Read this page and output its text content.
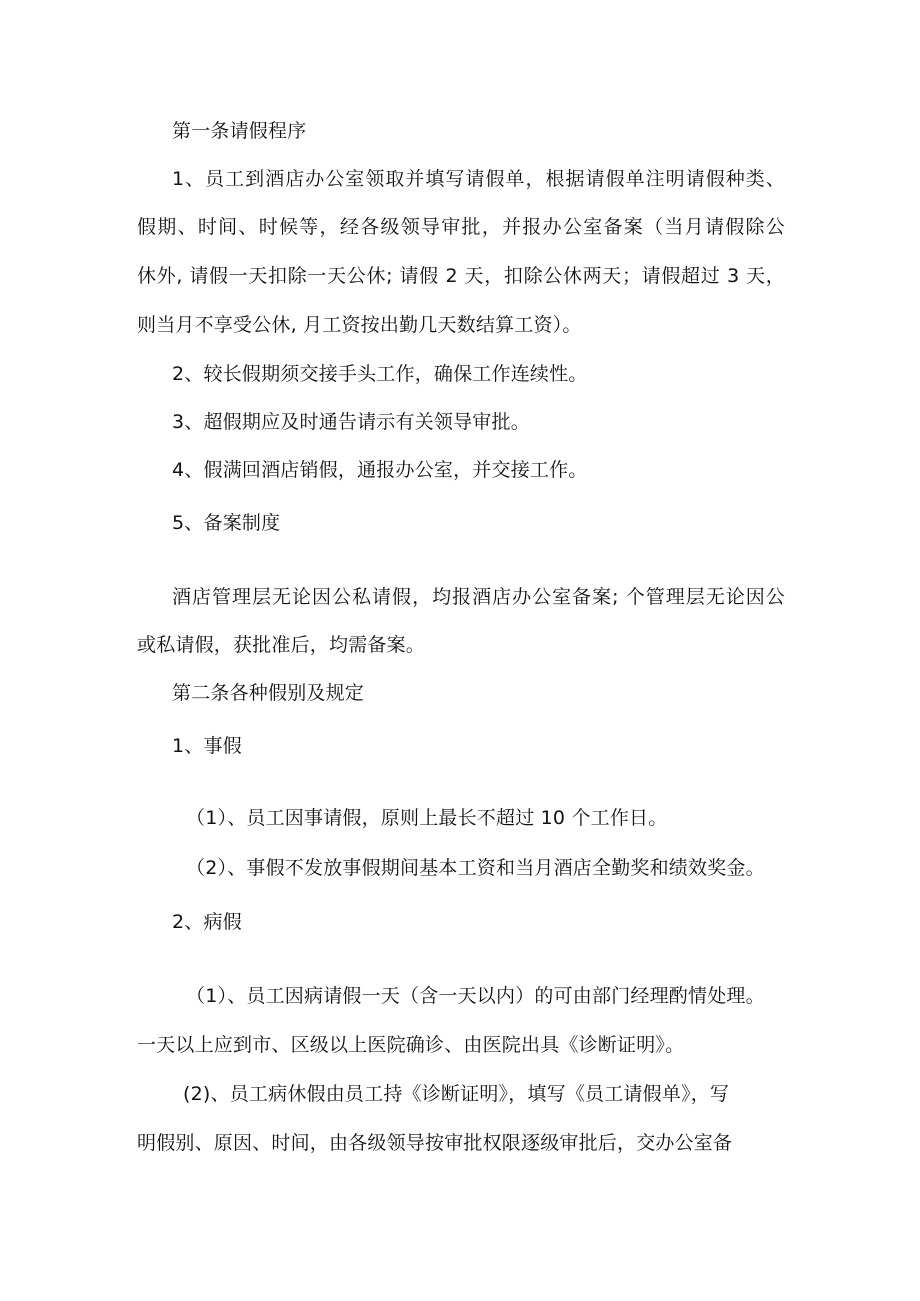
第一条请假程序

1、员工到酒店办公室领取并填写请假单，根据请假单注明请假种类、

假期、时间、时候等，经各级领导审批，并报办公室备案（当月请假除公

休外, 请假一天扣除一天公休; 请假 2 天，扣除公休两天；请假超过 3 天，

则当月不享受公休, 月工资按出勤几天数结算工资）。

2、较长假期须交接手头工作，确保工作连续性。

3、超假期应及时通告请示有关领导审批。

4、假满回酒店销假，通报办公室，并交接工作。

5、备案制度

酒店管理层无论因公私请假，均报酒店办公室备案; 个管理层无论因公

或私请假，获批准后，均需备案。

第二条各种假别及规定

1、事假

（1）、员工因事请假，原则上最长不超过 10 个工作日。

（2）、事假不发放事假期间基本工资和当月酒店全勤奖和绩效奖金。

2、病假

（1）、员工因病请假一天（含一天以内）的可由部门经理酌情处理。

一天以上应到市、区级以上医院确诊、由医院出具《诊断证明》。

(2)、员工病休假由员工持《诊断证明》，填写《员工请假单》，写

明假别、原因、时间，由各级领导按审批权限逐级审批后，交办公室备
